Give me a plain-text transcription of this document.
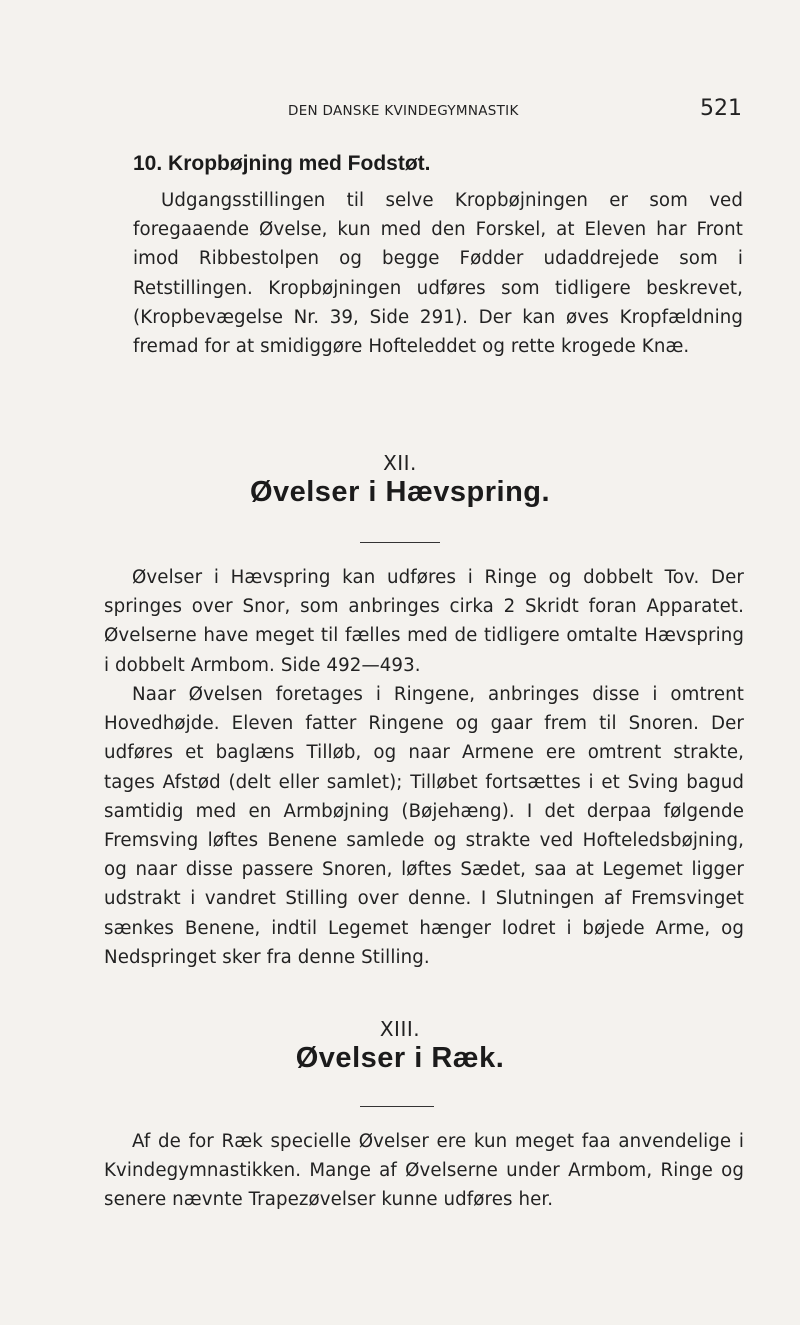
DEN DANSKE KVINDEGYMNASTIK	521
10. Kropbøjning med Fodstøt.

Udgangsstillingen til selve Kropbøjningen er som ved foregaaende Øvelse, kun med den Forskel, at Eleven har Front imod Ribbestolpen og begge Fødder udaddrejede som i Retstillingen. Kropbøjningen udføres som tidligere beskrevet, (Kropbevægelse Nr. 39, Side 291). Der kan øves Kropfældning fremad for at smidiggøre Hofteleddet og rette krogede Knæ.

XII.

Øvelser i Hævspring.

Øvelser i Hævspring kan udføres i Ringe og dobbelt Tov. Der springes over Snor, som anbringes cirka 2 Skridt foran Apparatet. Øvelserne have meget til fælles med de tidligere omtalte Hævspring i dobbelt Armbom. Side 492—493.

Naar Øvelsen foretages i Ringene, anbringes disse i omtrent Hovedhøjde. Eleven fatter Ringene og gaar frem til Snoren. Der udføres et baglæns Tilløb, og naar Armene ere omtrent strakte, tages Afstød (delt eller samlet); Tilløbet fortsættes i et Sving bagud samtidig med en Armbøjning (Bøjehæng). I det derpaa følgende Fremsving løftes Benene samlede og strakte ved Hofteledsbøjning, og naar disse passere Snoren, løftes Sædet, saa at Legemet ligger udstrakt i vandret Stilling over denne. I Slutningen af Fremsvinget sænkes Benene, indtil Legemet hænger lodret i bøjede Arme, og Nedspringet sker fra denne Stilling.

XIII.

Øvelser i Ræk.

Af de for Ræk specielle Øvelser ere kun meget faa anvendelige i Kvindegymnastikken. Mange af Øvelserne under Armbom, Ringe og senere nævnte Trapezøvelser kunne udføres her.
